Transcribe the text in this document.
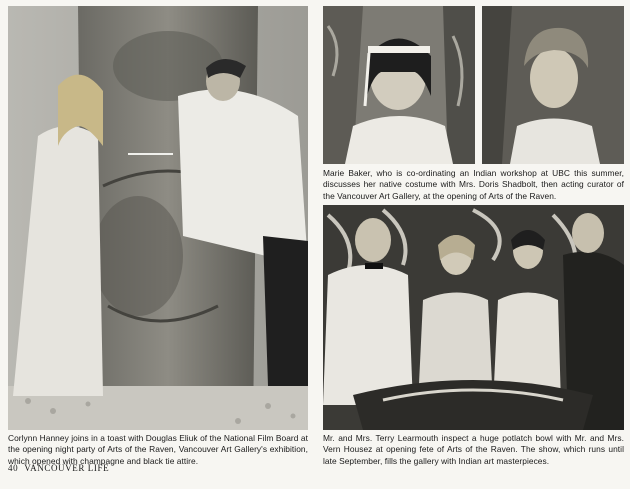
Marie Baker, who is co-ordinating an Indian workshop at UBC this summer, discusses her native costume with Mrs. Doris Shadbolt, then acting curator of the Vancouver Art Gallery, at the opening of Arts of the Raven.
Corlynn Hanney joins in a toast with Douglas Eliuk of the National Film Board at the opening night party of Arts of the Raven, Vancouver Art Gallery's exhibition, which opened with champagne and black tie attire.
Mr. and Mrs. Terry Learmouth inspect a huge potlatch bowl with Mr. and Mrs. Vern Housez at opening fete of Arts of the Raven. The show, which runs until late September, fills the gallery with Indian art masterpieces.
40 VANCOUVER LIFE
